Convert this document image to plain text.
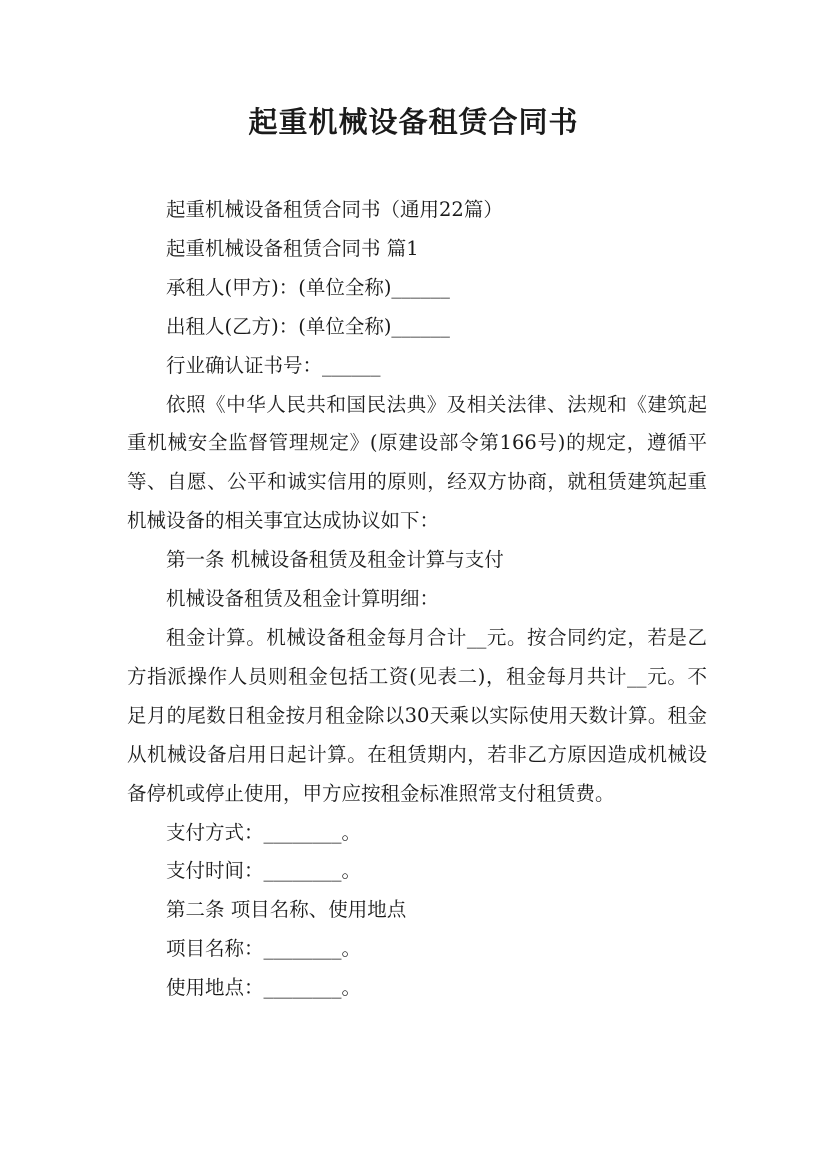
起重机械设备租赁合同书

起重机械设备租赁合同书（通用22篇）

起重机械设备租赁合同书 篇1

承租人(甲方)：(单位全称)______

出租人(乙方)：(单位全称)______

行业确认证书号：______

依照《中华人民共和国民法典》及相关法律、法规和《建筑起重机械安全监督管理规定》(原建设部令第166号)的规定，遵循平等、自愿、公平和诚实信用的原则，经双方协商，就租赁建筑起重机械设备的相关事宜达成协议如下：

第一条 机械设备租赁及租金计算与支付

机械设备租赁及租金计算明细：

租金计算。机械设备租金每月合计__元。按合同约定，若是乙方指派操作人员则租金包括工资(见表二)，租金每月共计__元。不足月的尾数日租金按月租金除以30天乘以实际使用天数计算。租金从机械设备启用日起计算。在租赁期内，若非乙方原因造成机械设备停机或停止使用，甲方应按租金标准照常支付租赁费。

支付方式：________。

支付时间：________。

第二条 项目名称、使用地点

项目名称：________。

使用地点：________。
